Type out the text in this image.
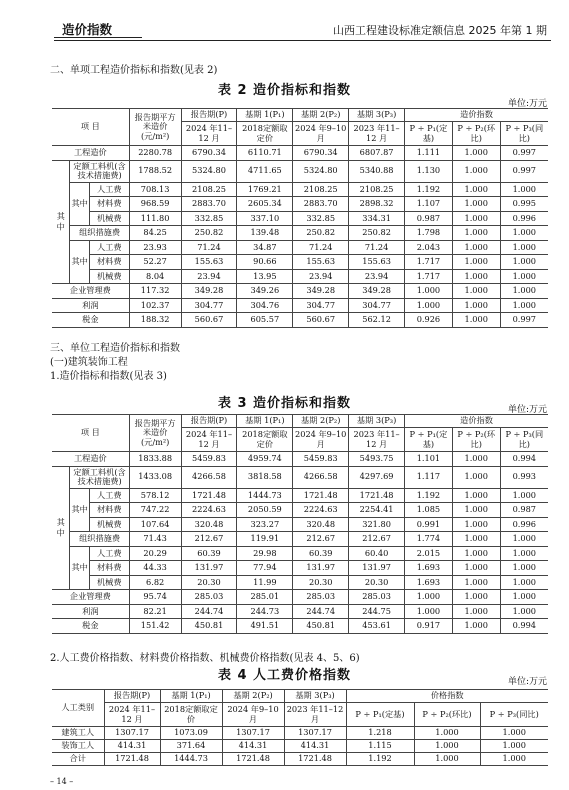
造价指数	山西工程建设标准定额信息 2025 年第 1 期
二、单项工程造价指标和指数(见表 2)
表 2 造价指标和指数
单位:万元
项 目			报告期平方米造价(元/m²)	报告期(P)	基期 1(P₁)	基期 2(P₂)	基期 3(P₃)	造价指数		
				2024 年11–12 月	2018定额取定价	2024 年9–10 月	2023 年11–12 月	P ÷ P₁(定基)	P ÷ P₂(环比)	P ÷ P₃(同比)
工程造价			2280.78	6790.34	6110.71	6790.34	6807.87	1.111	1.000	0.997
其中	定额工料机(含技术措施费)		1788.52	5324.80	4711.65	5324.80	5340.88	1.130	1.000	0.997
	其中	人工费	708.13	2108.25	1769.21	2108.25	2108.25	1.192	1.000	1.000
		材料费	968.59	2883.70	2605.34	2883.70	2898.32	1.107	1.000	0.995
		机械费	111.80	332.85	337.10	332.85	334.31	0.987	1.000	0.996
	组织措施费		84.25	250.82	139.48	250.82	250.82	1.798	1.000	1.000
	其中	人工费	23.93	71.24	34.87	71.24	71.24	2.043	1.000	1.000
		材料费	52.27	155.63	90.66	155.63	155.63	1.717	1.000	1.000
		机械费	8.04	23.94	13.95	23.94	23.94	1.717	1.000	1.000
企业管理费			117.32	349.28	349.26	349.28	349.28	1.000	1.000	1.000
利润			102.37	304.77	304.76	304.77	304.77	1.000	1.000	1.000
税金			188.32	560.67	605.57	560.67	562.12	0.926	1.000	0.997
三、单位工程造价指标和指数
(一)建筑装饰工程
1.造价指标和指数(见表 3)
表 3 造价指标和指数	单位:万元
项 目			报告期平方米造价(元/m²)	报告期(P)	基期 1(P₁)	基期 2(P₂)	基期 3(P₃)	造价指数		
				2024 年11–12 月	2018定额取定价	2024 年9–10 月	2023 年11–12 月	P ÷ P₁(定基)	P ÷ P₂(环比)	P ÷ P₃(同比)
工程造价			1833.88	5459.83	4959.74	5459.83	5493.75	1.101	1.000	0.994
其中	定额工料机(含技术措施费)		1433.08	4266.58	3818.58	4266.58	4297.69	1.117	1.000	0.993
	其中	人工费	578.12	1721.48	1444.73	1721.48	1721.48	1.192	1.000	1.000
		材料费	747.22	2224.63	2050.59	2224.63	2254.41	1.085	1.000	0.987
		机械费	107.64	320.48	323.27	320.48	321.80	0.991	1.000	0.996
	组织措施费		71.43	212.67	119.91	212.67	212.67	1.774	1.000	1.000
	其中	人工费	20.29	60.39	29.98	60.39	60.40	2.015	1.000	1.000
		材料费	44.33	131.97	77.94	131.97	131.97	1.693	1.000	1.000
		机械费	6.82	20.30	11.99	20.30	20.30	1.693	1.000	1.000
企业管理费			95.74	285.03	285.01	285.03	285.03	1.000	1.000	1.000
利润			82.21	244.74	244.73	244.74	244.75	1.000	1.000	1.000
税金			151.42	450.81	491.51	450.81	453.61	0.917	1.000	0.994
2.人工费价格指数、材料费价格指数、机械费价格指数(见表 4、5、6)
表 4 人工费价格指数	单位:万元
人工类别	报告期(P)	基期 1(P₁)	基期 2(P₂)	基期 3(P₃)	价格指数		
	2024 年11–12 月	2018定额取定价	2024 年9–10 月	2023 年11–12 月	P ÷ P₁(定基)	P ÷ P₂(环比)	P ÷ P₃(同比)
建筑工人	1307.17	1073.09	1307.17	1307.17	1.218	1.000	1.000
装饰工人	414.31	371.64	414.31	414.31	1.115	1.000	1.000
合计	1721.48	1444.73	1721.48	1721.48	1.192	1.000	1.000
– 14 –
